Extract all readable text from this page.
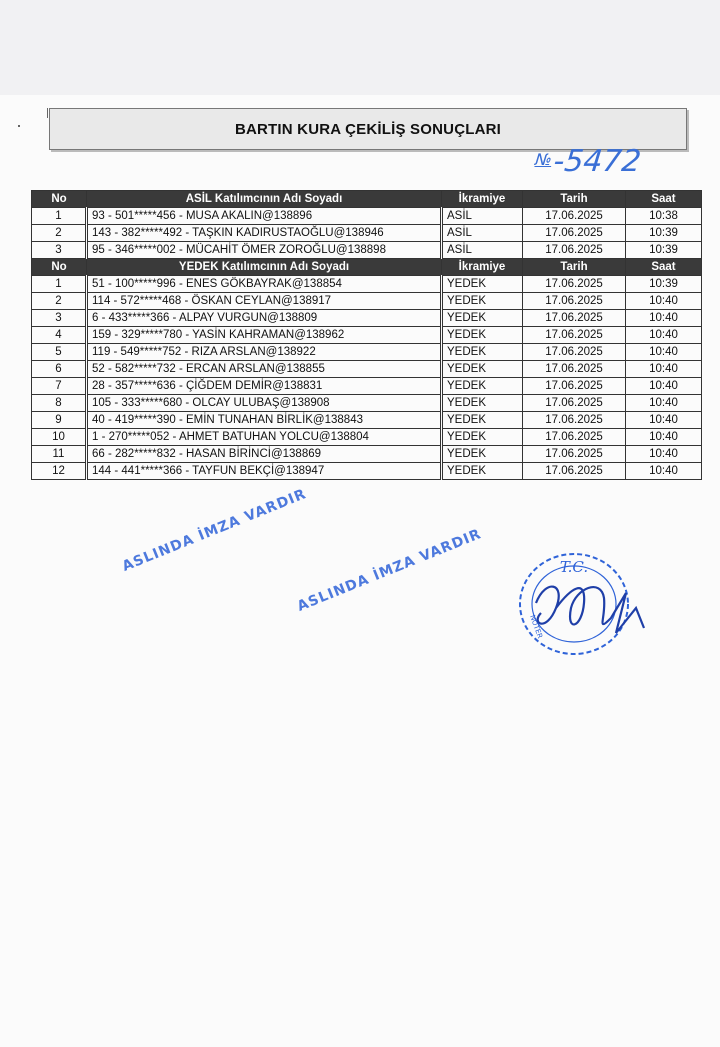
BARTIN KURA ÇEKİLİŞ SONUÇLARI
№-5472
No	ASİL Katılımcının Adı Soyadı	İkramiye	Tarih	Saat
1	93 - 501*****456 - MUSA AKALIN@138896	ASİL	17.06.2025	10:38
2	143 - 382*****492 - TAŞKIN KADIRUSTAOĞLU@138946	ASİL	17.06.2025	10:39
3	95 - 346*****002 - MÜCAHİT ÖMER ZOROĞLU@138898	ASİL	17.06.2025	10:39
No	YEDEK Katılımcının Adı Soyadı	İkramiye	Tarih	Saat
1	51 - 100*****996 - ENES GÖKBAYRAK@138854	YEDEK	17.06.2025	10:39
2	114 - 572*****468 - ÖSKAN CEYLAN@138917	YEDEK	17.06.2025	10:40
3	6 - 433*****366 - ALPAY VURGUN@138809	YEDEK	17.06.2025	10:40
4	159 - 329*****780 - YASİN KAHRAMAN@138962	YEDEK	17.06.2025	10:40
5	119 - 549*****752 - RIZA ARSLAN@138922	YEDEK	17.06.2025	10:40
6	52 - 582*****732 - ERCAN ARSLAN@138855	YEDEK	17.06.2025	10:40
7	28 - 357*****636 - ÇİĞDEM DEMİR@138831	YEDEK	17.06.2025	10:40
8	105 - 333*****680 - OLCAY ULUBAŞ@138908	YEDEK	17.06.2025	10:40
9	40 - 419*****390 - EMİN TUNAHAN BİRLİK@138843	YEDEK	17.06.2025	10:40
10	1 - 270*****052 - AHMET BATUHAN YOLCU@138804	YEDEK	17.06.2025	10:40
11	66 - 282*****832 - HASAN BİRİNCİ@138869	YEDEK	17.06.2025	10:40
12	144 - 441*****366 - TAYFUN BEKÇİ@138947	YEDEK	17.06.2025	10:40
ASLINDA İMZA VARDIR
ASLINDA İMZA VARDIR	T.C.
NOTER
